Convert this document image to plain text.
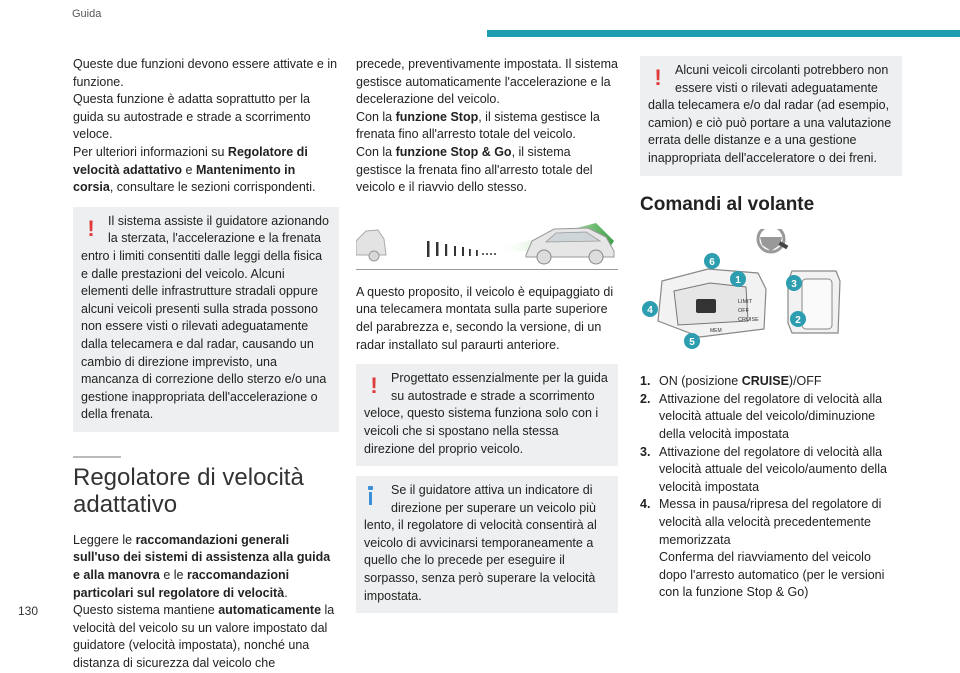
Guida
130

Queste due funzioni devono essere attivate e in funzione.

Questa funzione è adatta soprattutto per la guida su autostrade e strade a scorrimento veloce.

Per ulteriori informazioni su Regolatore di velocità adattativo e Mantenimento in corsia, consultare le sezioni corrispondenti.

!	Il sistema assiste il guidatore azionando la sterzata, l'accelerazione e la frenata
entro i limiti consentiti dalle leggi della fisica e dalle prestazioni del veicolo. Alcuni elementi delle infrastrutture stradali oppure alcuni veicoli presenti sulla strada possono non essere visti o rilevati adeguatamente dalla telecamera e dal radar, causando un cambio di direzione imprevisto, una mancanza di correzione dello sterzo e/o una gestione inappropriata dell'accelerazione o della frenata.
Regolatore di velocità adattativo

Leggere le raccomandazioni generali sull'uso dei sistemi di assistenza alla guida e alla manovra e le raccomandazioni particolari sul regolatore di velocità.

Questo sistema mantiene automaticamente la velocità del veicolo su un valore impostato dal guidatore (velocità impostata), nonché una distanza di sicurezza dal veicolo che

precede, preventivamente impostata. Il sistema gestisce automaticamente l'accelerazione e la decelerazione del veicolo.

Con la funzione Stop, il sistema gestisce la frenata fino all'arresto totale del veicolo.

Con la funzione Stop & Go, il sistema gestisce la frenata fino all'arresto totale del veicolo e il riavvio dello stesso.

A questo proposito, il veicolo è equipaggiato di una telecamera montata sulla parte superiore del parabrezza e, secondo la versione, di un radar installato sul paraurti anteriore.

!	Progettato essenzialmente per la guida su autostrade e strade a scorrimento
veloce, questo sistema funziona solo con i veicoli che si spostano nella stessa direzione del proprio veicolo.
Se il guidatore attiva un indicatore di direzione per superare un veicolo più
lento, il regolatore di velocità consentirà al veicolo di avvicinarsi temporaneamente a quello che lo precede per eseguire il sorpasso, senza però superare la velocità impostata.
!	Alcuni veicoli circolanti potrebbero non essere visti o rilevati adeguatamente
dalla telecamera e/o dal radar (ad esempio, camion) e ciò può portare a una valutazione errata delle distanze e a una gestione inappropriata dell'acceleratore o dei freni.
Comandi al volante
LIMIT
OFF
CRUISE
MEM
6
1
4
5
3
2
1. ON (posizione CRUISE)/OFF
2. Attivazione del regolatore di velocità alla velocità attuale del veicolo/diminuzione della velocità impostata
3. Attivazione del regolatore di velocità alla velocità attuale del veicolo/aumento della velocità impostata
4. Messa in pausa/ripresa del regolatore di velocità alla velocità precedentemente memorizzata
Conferma del riavviamento del veicolo dopo l'arresto automatico (per le versioni con la funzione Stop & Go)
